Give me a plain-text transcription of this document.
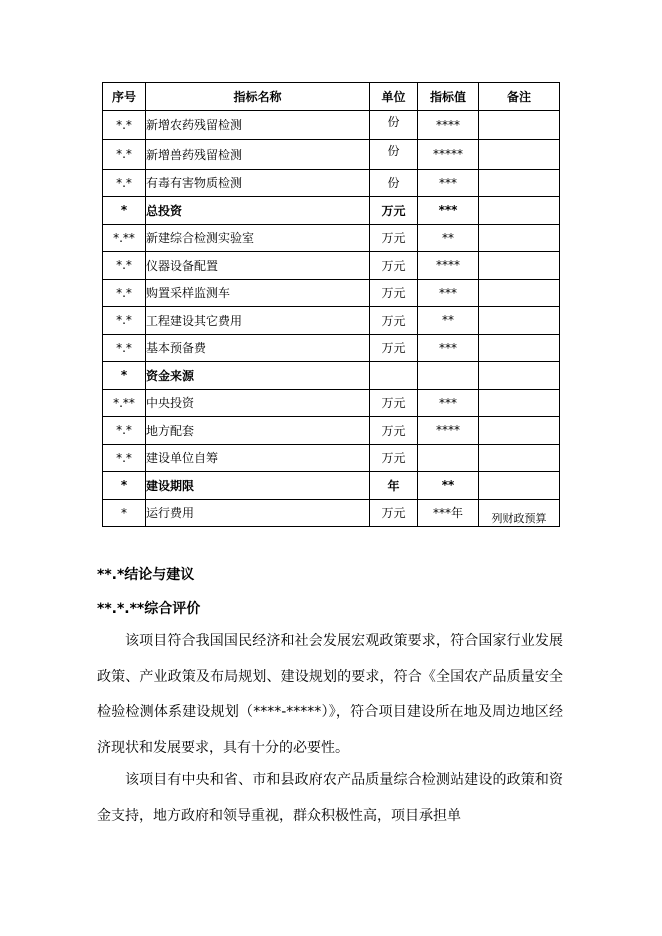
序号	指标名称	单位	指标值	备注
*.*	新增农药残留检测	份	****	
*.*	新增兽药残留检测	份	*****	
*.*	有毒有害物质检测	份	***	
*	总投资	万元	***	
*.**	新建综合检测实验室	万元	**	
*.*	仪器设备配置	万元	****	
*.*	购置采样监测车	万元	***	
*.*	工程建设其它费用	万元	**	
*.*	基本预备费	万元	***	
*	资金来源			
*.**	中央投资	万元	***	
*.*	地方配套	万元	****	
*.*	建设单位自筹	万元		
*	建设期限	年	**	
*	运行费用	万元	***年	列财政预算
**.*结论与建议
**.*.**综合评价
该项目符合我国国民经济和社会发展宏观政策要求，符合国家行业发展政策、产业政策及布局规划、建设规划的要求，符合《全国农产品质量安全检验检测体系建设规划（****-*****）》，符合项目建设所在地及周边地区经济现状和发展要求，具有十分的必要性。
该项目有中央和省、市和县政府农产品质量综合检测站建设的政策和资金支持，地方政府和领导重视，群众积极性高，项目承担单
